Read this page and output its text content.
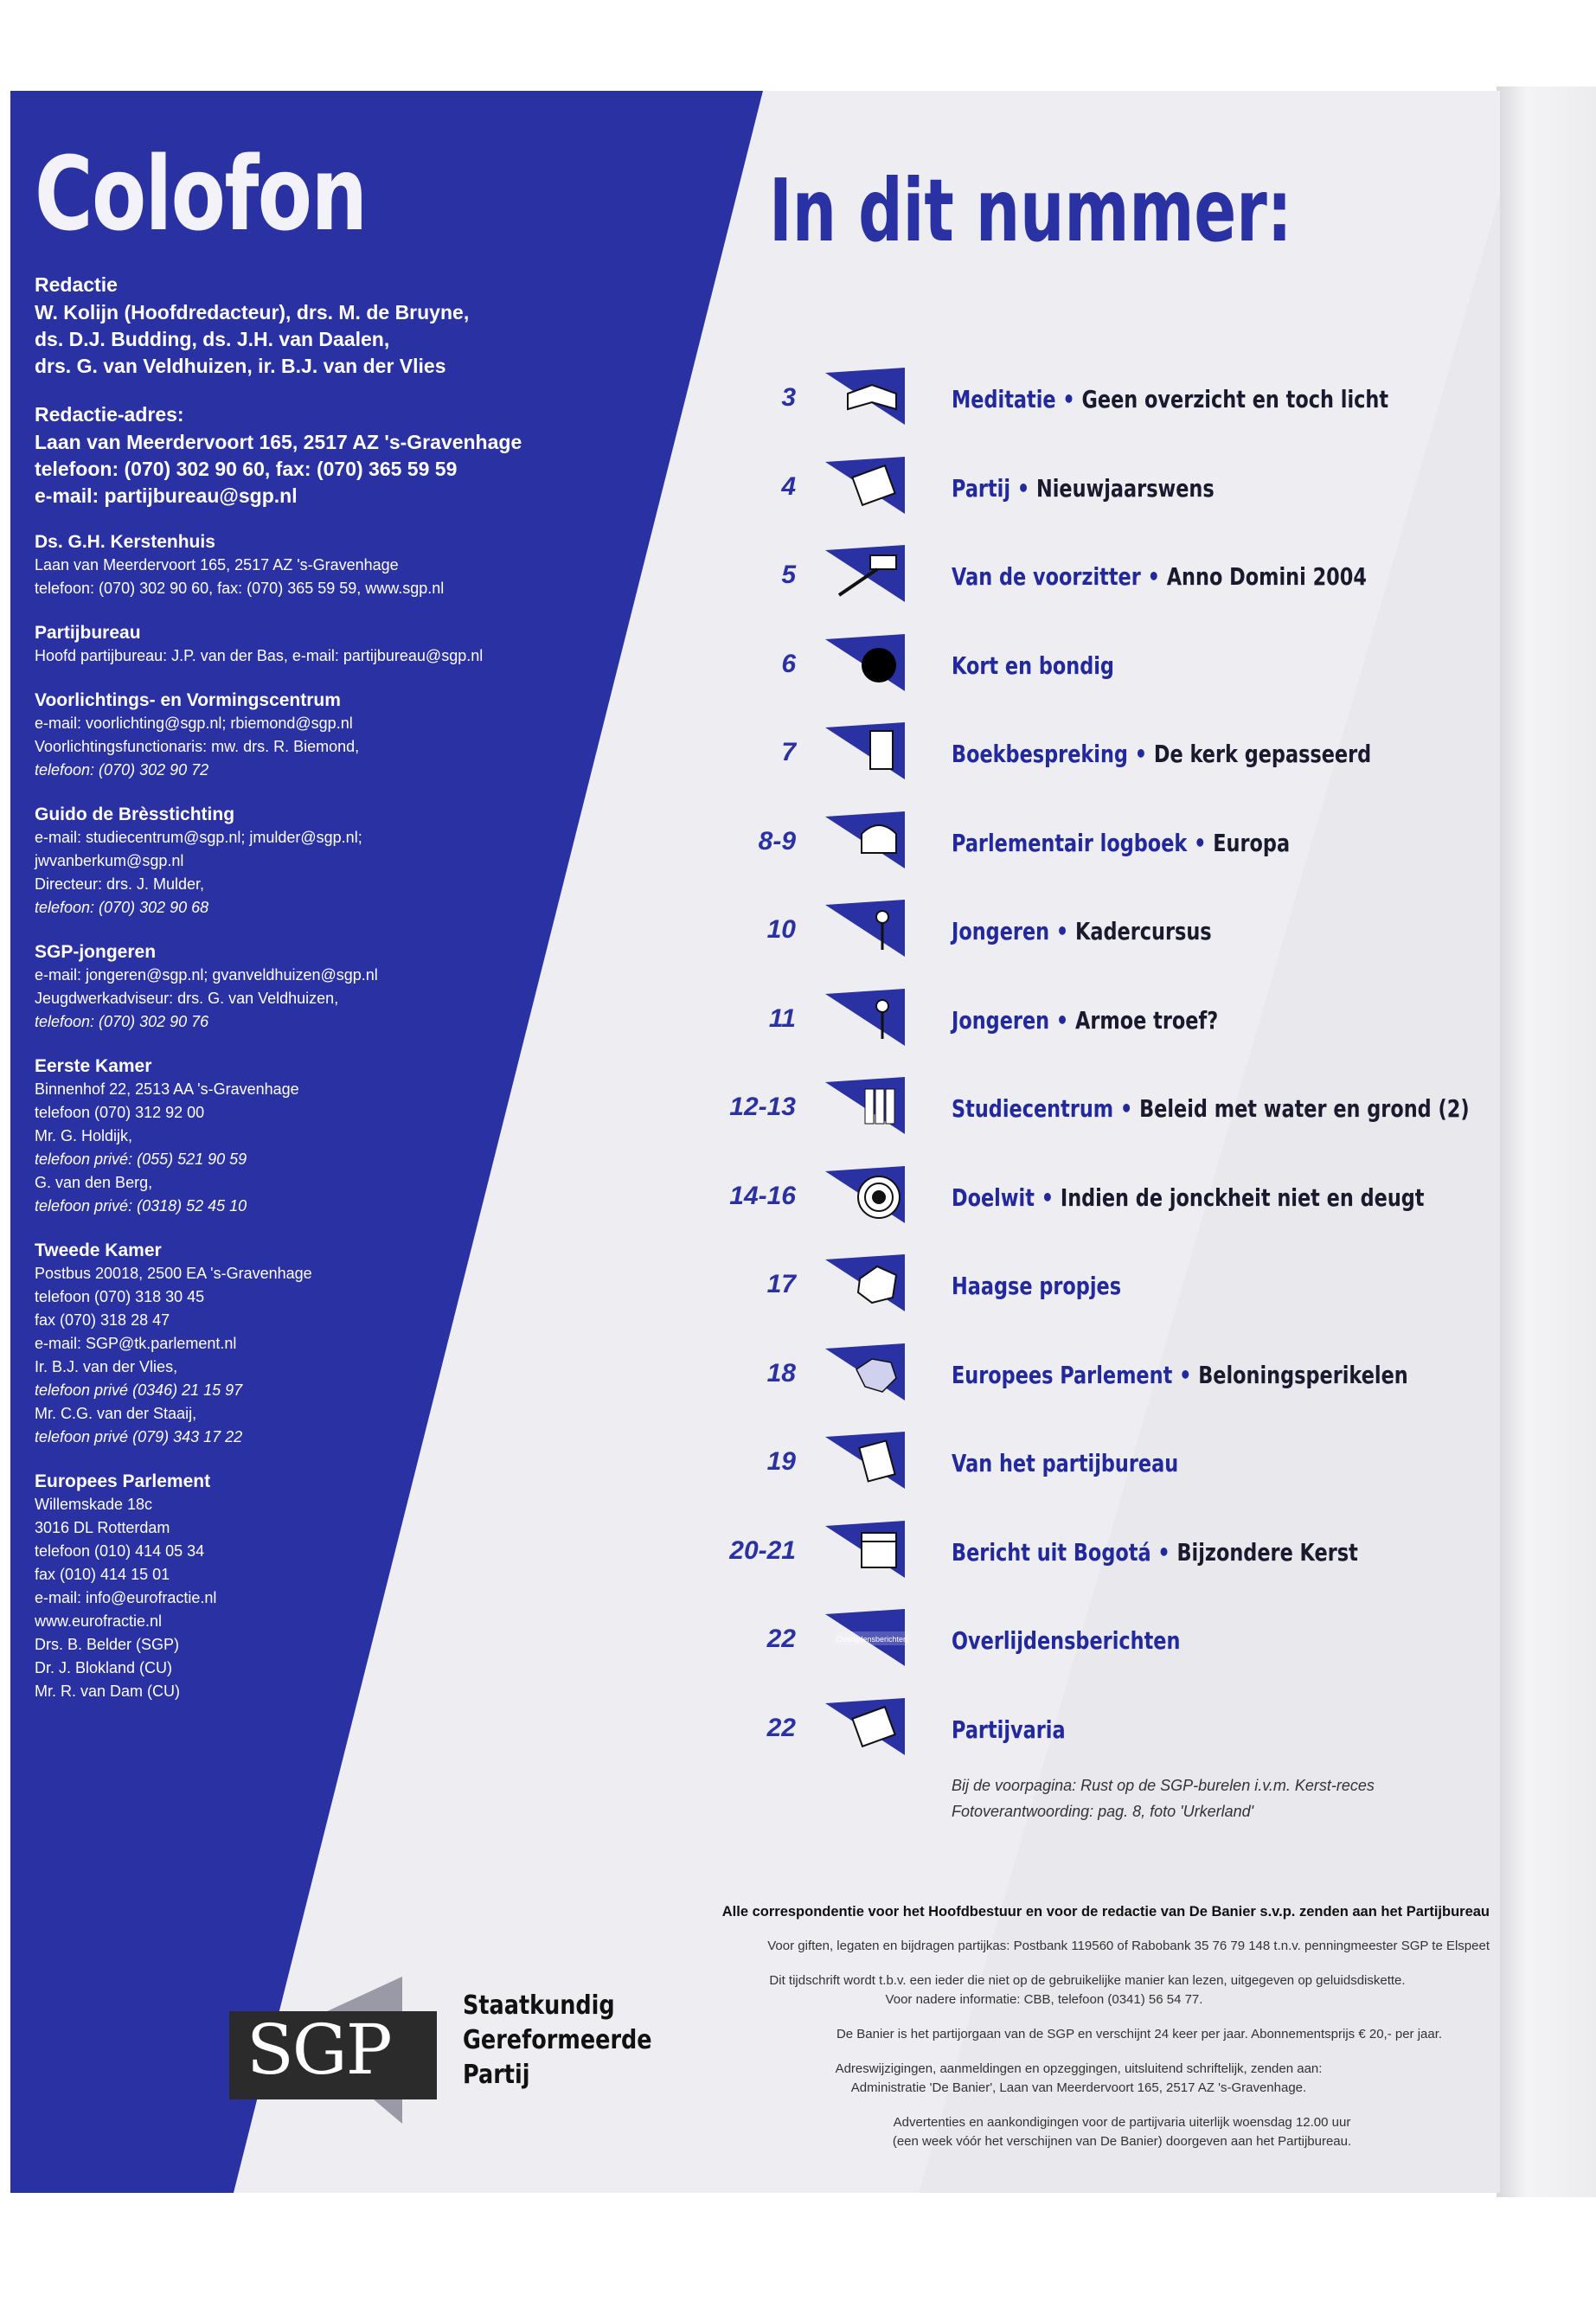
Colofon
Redactie
W. Kolijn (Hoofdredacteur), drs. M. de Bruyne,
ds. D.J. Budding, ds. J.H. van Daalen,
drs. G. van Veldhuizen, ir. B.J. van der Vlies
Redactie-adres:
Laan van Meerdervoort 165, 2517 AZ 's-Gravenhage
telefoon: (070) 302 90 60, fax: (070) 365 59 59
e-mail: partijbureau@sgp.nl
Ds. G.H. Kerstenhuis
Laan van Meerdervoort 165, 2517 AZ 's-Gravenhage
telefoon: (070) 302 90 60, fax: (070) 365 59 59, www.sgp.nl
Partijbureau
Hoofd partijbureau: J.P. van der Bas, e-mail: partijbureau@sgp.nl
Voorlichtings- en Vormingscentrum
e-mail: voorlichting@sgp.nl; rbiemond@sgp.nl
Voorlichtingsfunctionaris: mw. drs. R. Biemond,
telefoon: (070) 302 90 72
Guido de Brèsstichting
e-mail: studiecentrum@sgp.nl; jmulder@sgp.nl;
jwvanberkum@sgp.nl
Directeur: drs. J. Mulder,
telefoon: (070) 302 90 68
SGP-jongeren
e-mail: jongeren@sgp.nl; gvanveldhuizen@sgp.nl
Jeugdwerkadviseur: drs. G. van Veldhuizen,
telefoon: (070) 302 90 76
Eerste Kamer
Binnenhof 22, 2513 AA 's-Gravenhage
telefoon (070) 312 92 00
Mr. G. Holdijk,
telefoon privé: (055) 521 90 59
G. van den Berg,
telefoon privé: (0318) 52 45 10
Tweede Kamer
Postbus 20018, 2500 EA 's-Gravenhage
telefoon (070) 318 30 45
fax (070) 318 28 47
e-mail: SGP@tk.parlement.nl
Ir. B.J. van der Vlies,
telefoon privé (0346) 21 15 97
Mr. C.G. van der Staaij,
telefoon privé (079) 343 17 22
Europees Parlement
Willemskade 18c
3016 DL Rotterdam
telefoon (010) 414 05 34
fax (010) 414 15 01
e-mail: info@eurofractie.nl
www.eurofractie.nl
Drs. B. Belder (SGP)
Dr. J. Blokland (CU)
Mr. R. van Dam (CU)
In dit nummer:
3	Meditatie • Geen overzicht en toch licht
4	Partij • Nieuwjaarswens
5	Van de voorzitter • Anno Domini 2004
6	Kort en bondig
7	Boekbespreking • De kerk gepasseerd
8-9	Parlementair logboek • Europa
10	Jongeren • Kadercursus
11	Jongeren • Armoe troef?
12-13	Studiecentrum • Beleid met water en grond (2)
14-16	Doelwit • Indien de jonckheit niet en deugt
17	Haagse propjes
18	Europees Parlement • Beloningsperikelen
19	Van het partijbureau
20-21	Bericht uit Bogotá • Bijzondere Kerst
22	Overlijdensberichten Overlijdensberichten
22	Partijvaria
Bij de voorpagina: Rust op de SGP-burelen i.v.m. Kerst-reces
Fotoverantwoording: pag. 8, foto 'Urkerland'

Alle correspondentie voor het Hoofdbestuur en voor de redactie van De Banier s.v.p. zenden aan het Partijbureau

Voor giften, legaten en bijdragen partijkas: Postbank 119560 of Rabobank 35 76 79 148 t.n.v. penningmeester SGP te Elspeet

Dit tijdschrift wordt t.b.v. een ieder die niet op de gebruikelijke manier kan lezen, uitgegeven op geluidsdiskette.

Voor nadere informatie: CBB, telefoon (0341) 56 54 77.

De Banier is het partijorgaan van de SGP en verschijnt 24 keer per jaar. Abonnementsprijs € 20,- per jaar.

Adreswijzigingen, aanmeldingen en opzeggingen, uitsluitend schriftelijk, zenden aan:

Administratie 'De Banier', Laan van Meerdervoort 165, 2517 AZ 's-Gravenhage.

Advertenties en aankondigingen voor de partijvaria uiterlijk woensdag 12.00 uur

(een week vóór het verschijnen van De Banier) doorgeven aan het Partijbureau.

SGP
Staatkundig
Gereformeerde
Partij
